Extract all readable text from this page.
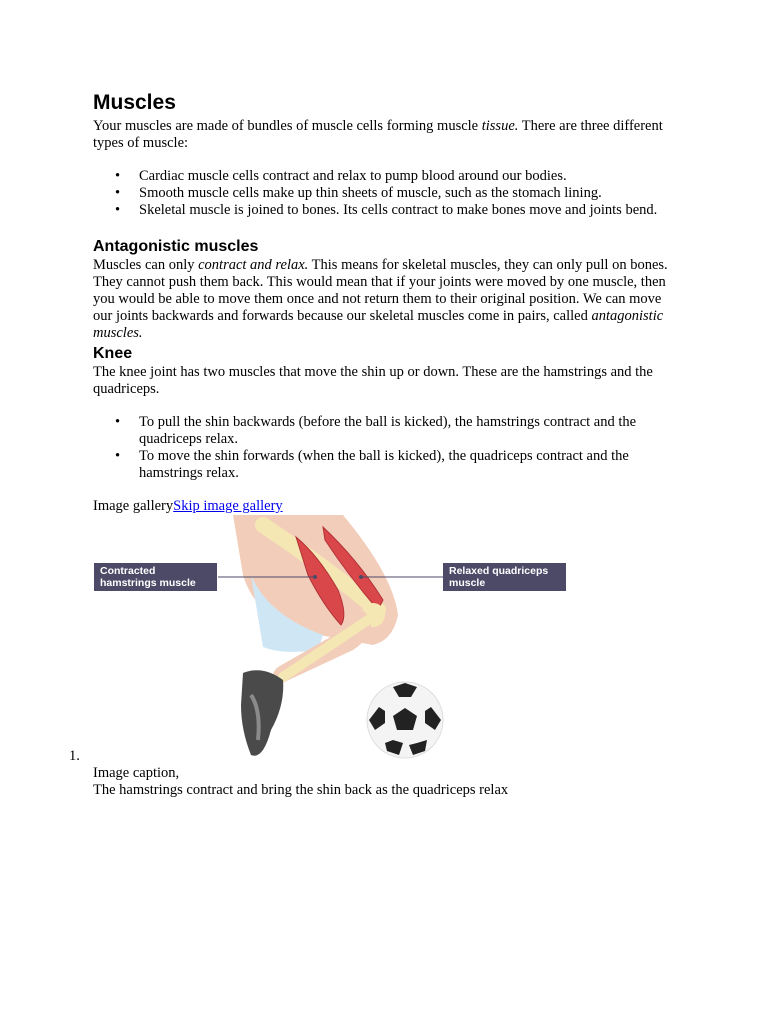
Muscles

Your muscles are made of bundles of muscle cells forming muscle tissue. There are three different types of muscle:

• Cardiac muscle cells contract and relax to pump blood around our bodies.
• Smooth muscle cells make up thin sheets of muscle, such as the stomach lining.
• Skeletal muscle is joined to bones. Its cells contract to make bones move and joints bend.
Antagonistic muscles

Muscles can only contract and relax. This means for skeletal muscles, they can only pull on bones. They cannot push them back. This would mean that if your joints were moved by one muscle, then you would be able to move them once and not return them to their original position. We can move our joints backwards and forwards because our skeletal muscles come in pairs, called antagonistic muscles.

Knee

The knee joint has two muscles that move the shin up or down. These are the hamstrings and the quadriceps.

• To pull the shin backwards (before the ball is kicked), the hamstrings contract and the quadriceps relax.
• To move the shin forwards (when the ball is kicked), the quadriceps contract and the hamstrings relax.

Image gallerySkip image gallery

Contracted hamstrings muscle
Relaxed quadriceps muscle
1.

Image caption,

The hamstrings contract and bring the shin back as the quadriceps relax
